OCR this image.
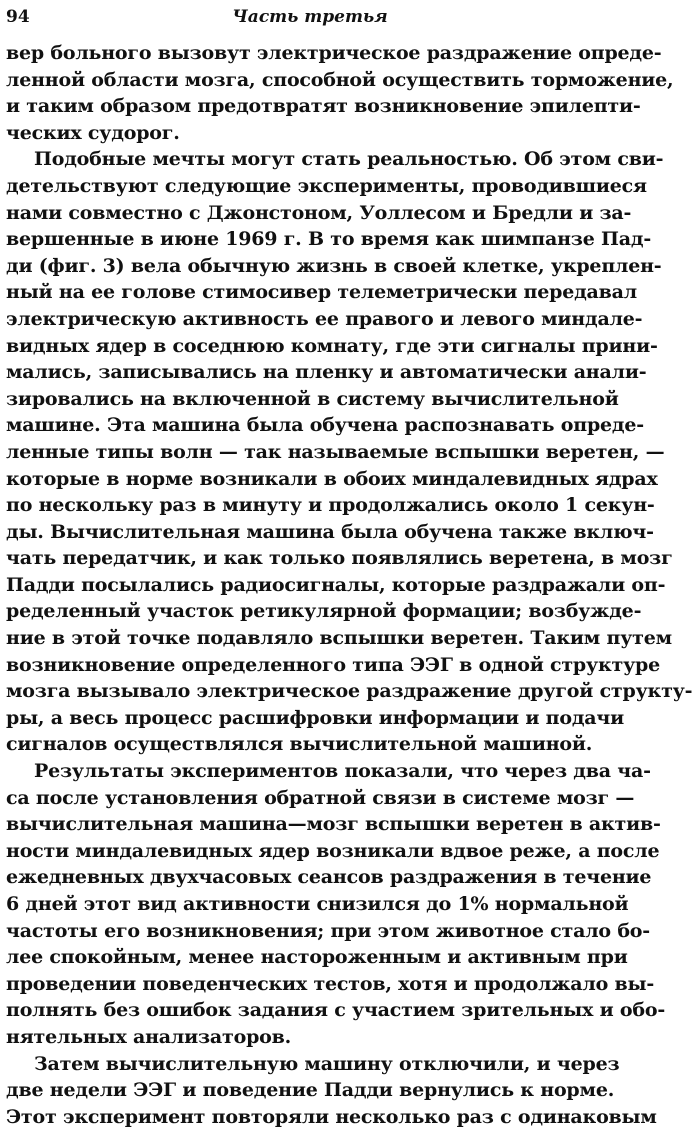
94	Часть третья
вер больного вызовут электрическое раздражение опреде-
ленной области мозга, способной осуществить торможение,
и таким образом предотвратят возникновение эпилепти-
ческих судорог.
Подобные мечты могут стать реальностью. Об этом сви-
детельствуют следующие эксперименты, проводившиеся
нами совместно с Джонстоном, Уоллесом и Бредли и за-
вершенные в июне 1969 г. В то время как шимпанзе Пад-
ди (фиг. 3) вела обычную жизнь в своей клетке, укреплен-
ный на ее голове стимосивер телеметрически передавал
электрическую активность ее правого и левого миндале-
видных ядер в соседнюю комнату, где эти сигналы прини-
мались, записывались на пленку и автоматически анали-
зировались на включенной в систему вычислительной
машине. Эта машина была обучена распознавать опреде-
ленные типы волн — так называемые вспышки веретен, —
которые в норме возникали в обоих миндалевидных ядрах
по нескольку раз в минуту и продолжались около 1 секун-
ды. Вычислительная машина была обучена также включ-
чать передатчик, и как только появлялись веретена, в мозг
Падди посылались радиосигналы, которые раздражали оп-
ределенный участок ретикулярной формации; возбужде-
ние в этой точке подавляло вспышки веретен. Таким путем
возникновение определенного типа ЭЭГ в одной структуре
мозга вызывало электрическое раздражение другой структу-
ры, а весь процесс расшифровки информации и подачи
сигналов осуществлялся вычислительной машиной.
Результаты экспериментов показали, что через два ча-
са после установления обратной связи в системе мозг —
вычислительная машина—мозг вспышки веретен в актив-
ности миндалевидных ядер возникали вдвое реже, а после
ежедневных двухчасовых сеансов раздражения в течение
6 дней этот вид активности снизился до 1% нормальной
частоты его возникновения; при этом животное стало бо-
лее спокойным, менее настороженным и активным при
проведении поведенческих тестов, хотя и продолжало вы-
полнять без ошибок задания с участием зрительных и обо-
нятельных анализаторов.
Затем вычислительную машину отключили, и через
две недели ЭЭГ и поведение Падди вернулись к норме.
Этот эксперимент повторяли несколько раз с одинаковым
